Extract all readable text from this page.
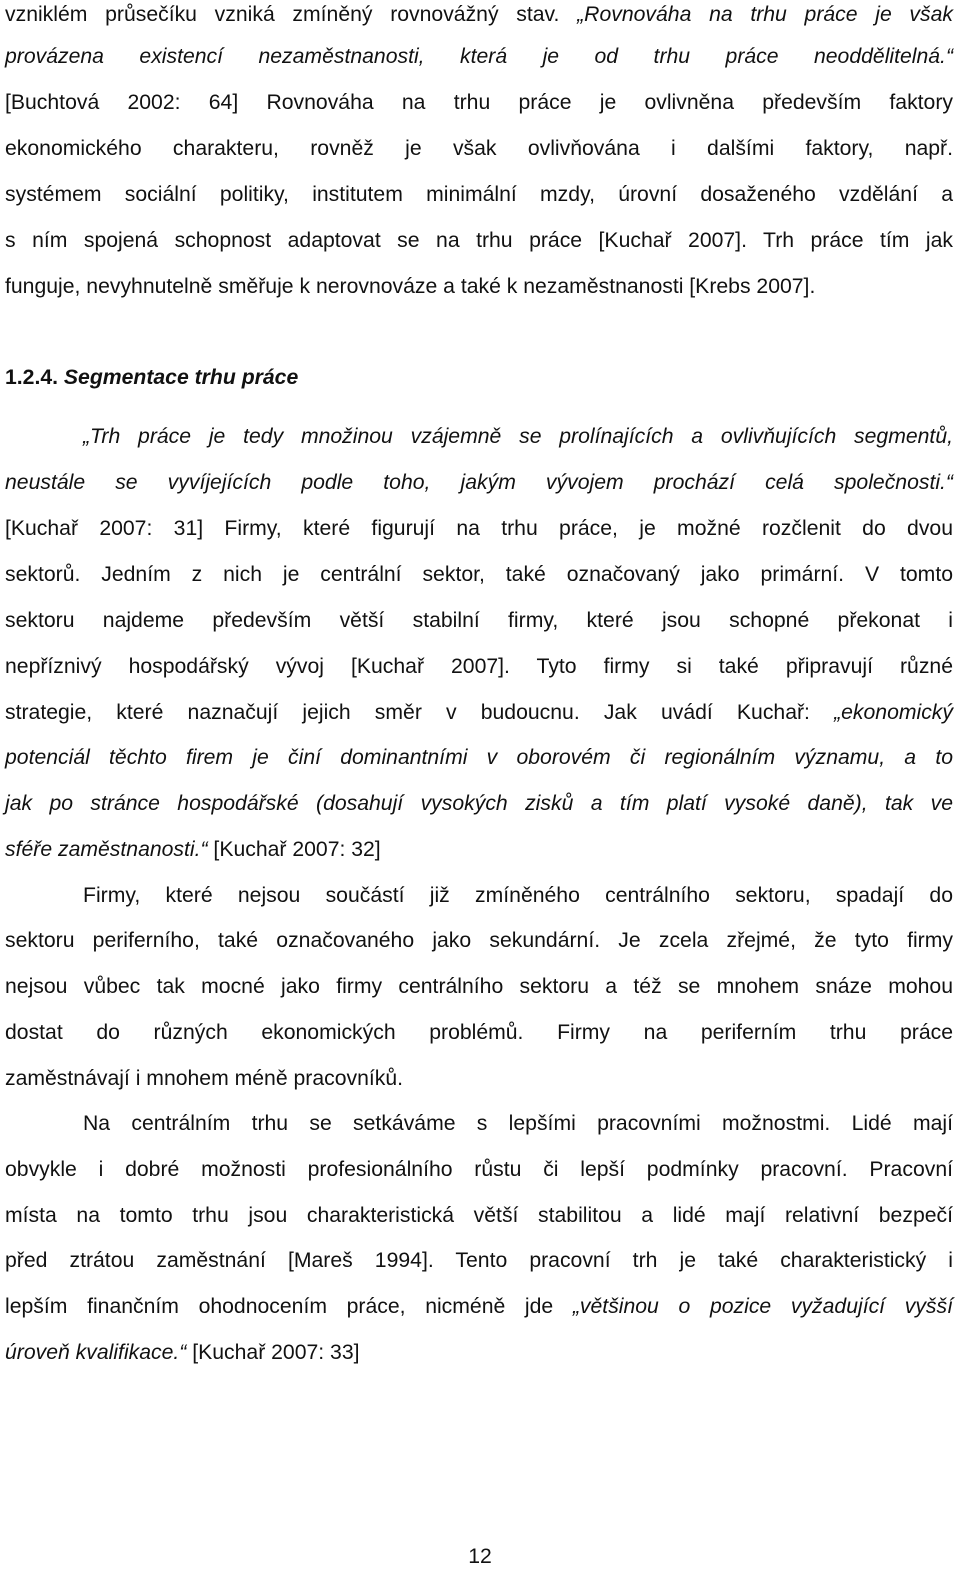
vzniklém průsečíku vzniká zmíněný rovnovážný stav. „Rovnováha na trhu práce je však
provázena existencí nezaměstnanosti, která je od trhu práce neoddělitelná.“
[Buchtová 2002: 64] Rovnováha na trhu práce je ovlivněna především faktory
ekonomického charakteru, rovněž je však ovlivňována i dalšími faktory, např.
systémem sociální politiky, institutem minimální mzdy, úrovní dosaženého vzdělání a
s ním spojená schopnost adaptovat se na trhu práce [Kuchař 2007]. Trh práce tím jak
funguje, nevyhnutelně směřuje k nerovnováze a také k nezaměstnanosti [Krebs 2007].
1.2.4. Segmentace trhu práce
„Trh práce je tedy množinou vzájemně se prolínajících a ovlivňujících segmentů,
neustále se vyvíjejících podle toho, jakým vývojem prochází celá společnosti.“
[Kuchař 2007: 31] Firmy, které figurují na trhu práce, je možné rozčlenit do dvou
sektorů. Jedním z nich je centrální sektor, také označovaný jako primární. V tomto
sektoru najdeme především větší stabilní firmy, které jsou schopné překonat i
nepříznivý hospodářský vývoj [Kuchař 2007]. Tyto firmy si také připravují různé
strategie, které naznačují jejich směr v budoucnu. Jak uvádí Kuchař: „ekonomický
potenciál těchto firem je činí dominantními v oborovém či regionálním významu, a to
jak po stránce hospodářské (dosahují vysokých zisků a tím platí vysoké daně), tak ve
sféře zaměstnanosti.“ [Kuchař 2007: 32]
Firmy, které nejsou součástí již zmíněného centrálního sektoru, spadají do
sektoru periferního, také označovaného jako sekundární. Je zcela zřejmé, že tyto firmy
nejsou vůbec tak mocné jako firmy centrálního sektoru a též se mnohem snáze mohou
dostat do různých ekonomických problémů. Firmy na periferním trhu práce
zaměstnávají i mnohem méně pracovníků.
Na centrálním trhu se setkáváme s lepšími pracovními možnostmi. Lidé mají
obvykle i dobré možnosti profesionálního růstu či lepší podmínky pracovní. Pracovní
místa na tomto trhu jsou charakteristická větší stabilitou a lidé mají relativní bezpečí
před ztrátou zaměstnání [Mareš 1994]. Tento pracovní trh je také charakteristický i
lepším finančním ohodnocením práce, nicméně jde „většinou o pozice vyžadující vyšší
úroveň kvalifikace.“ [Kuchař 2007: 33]
12
